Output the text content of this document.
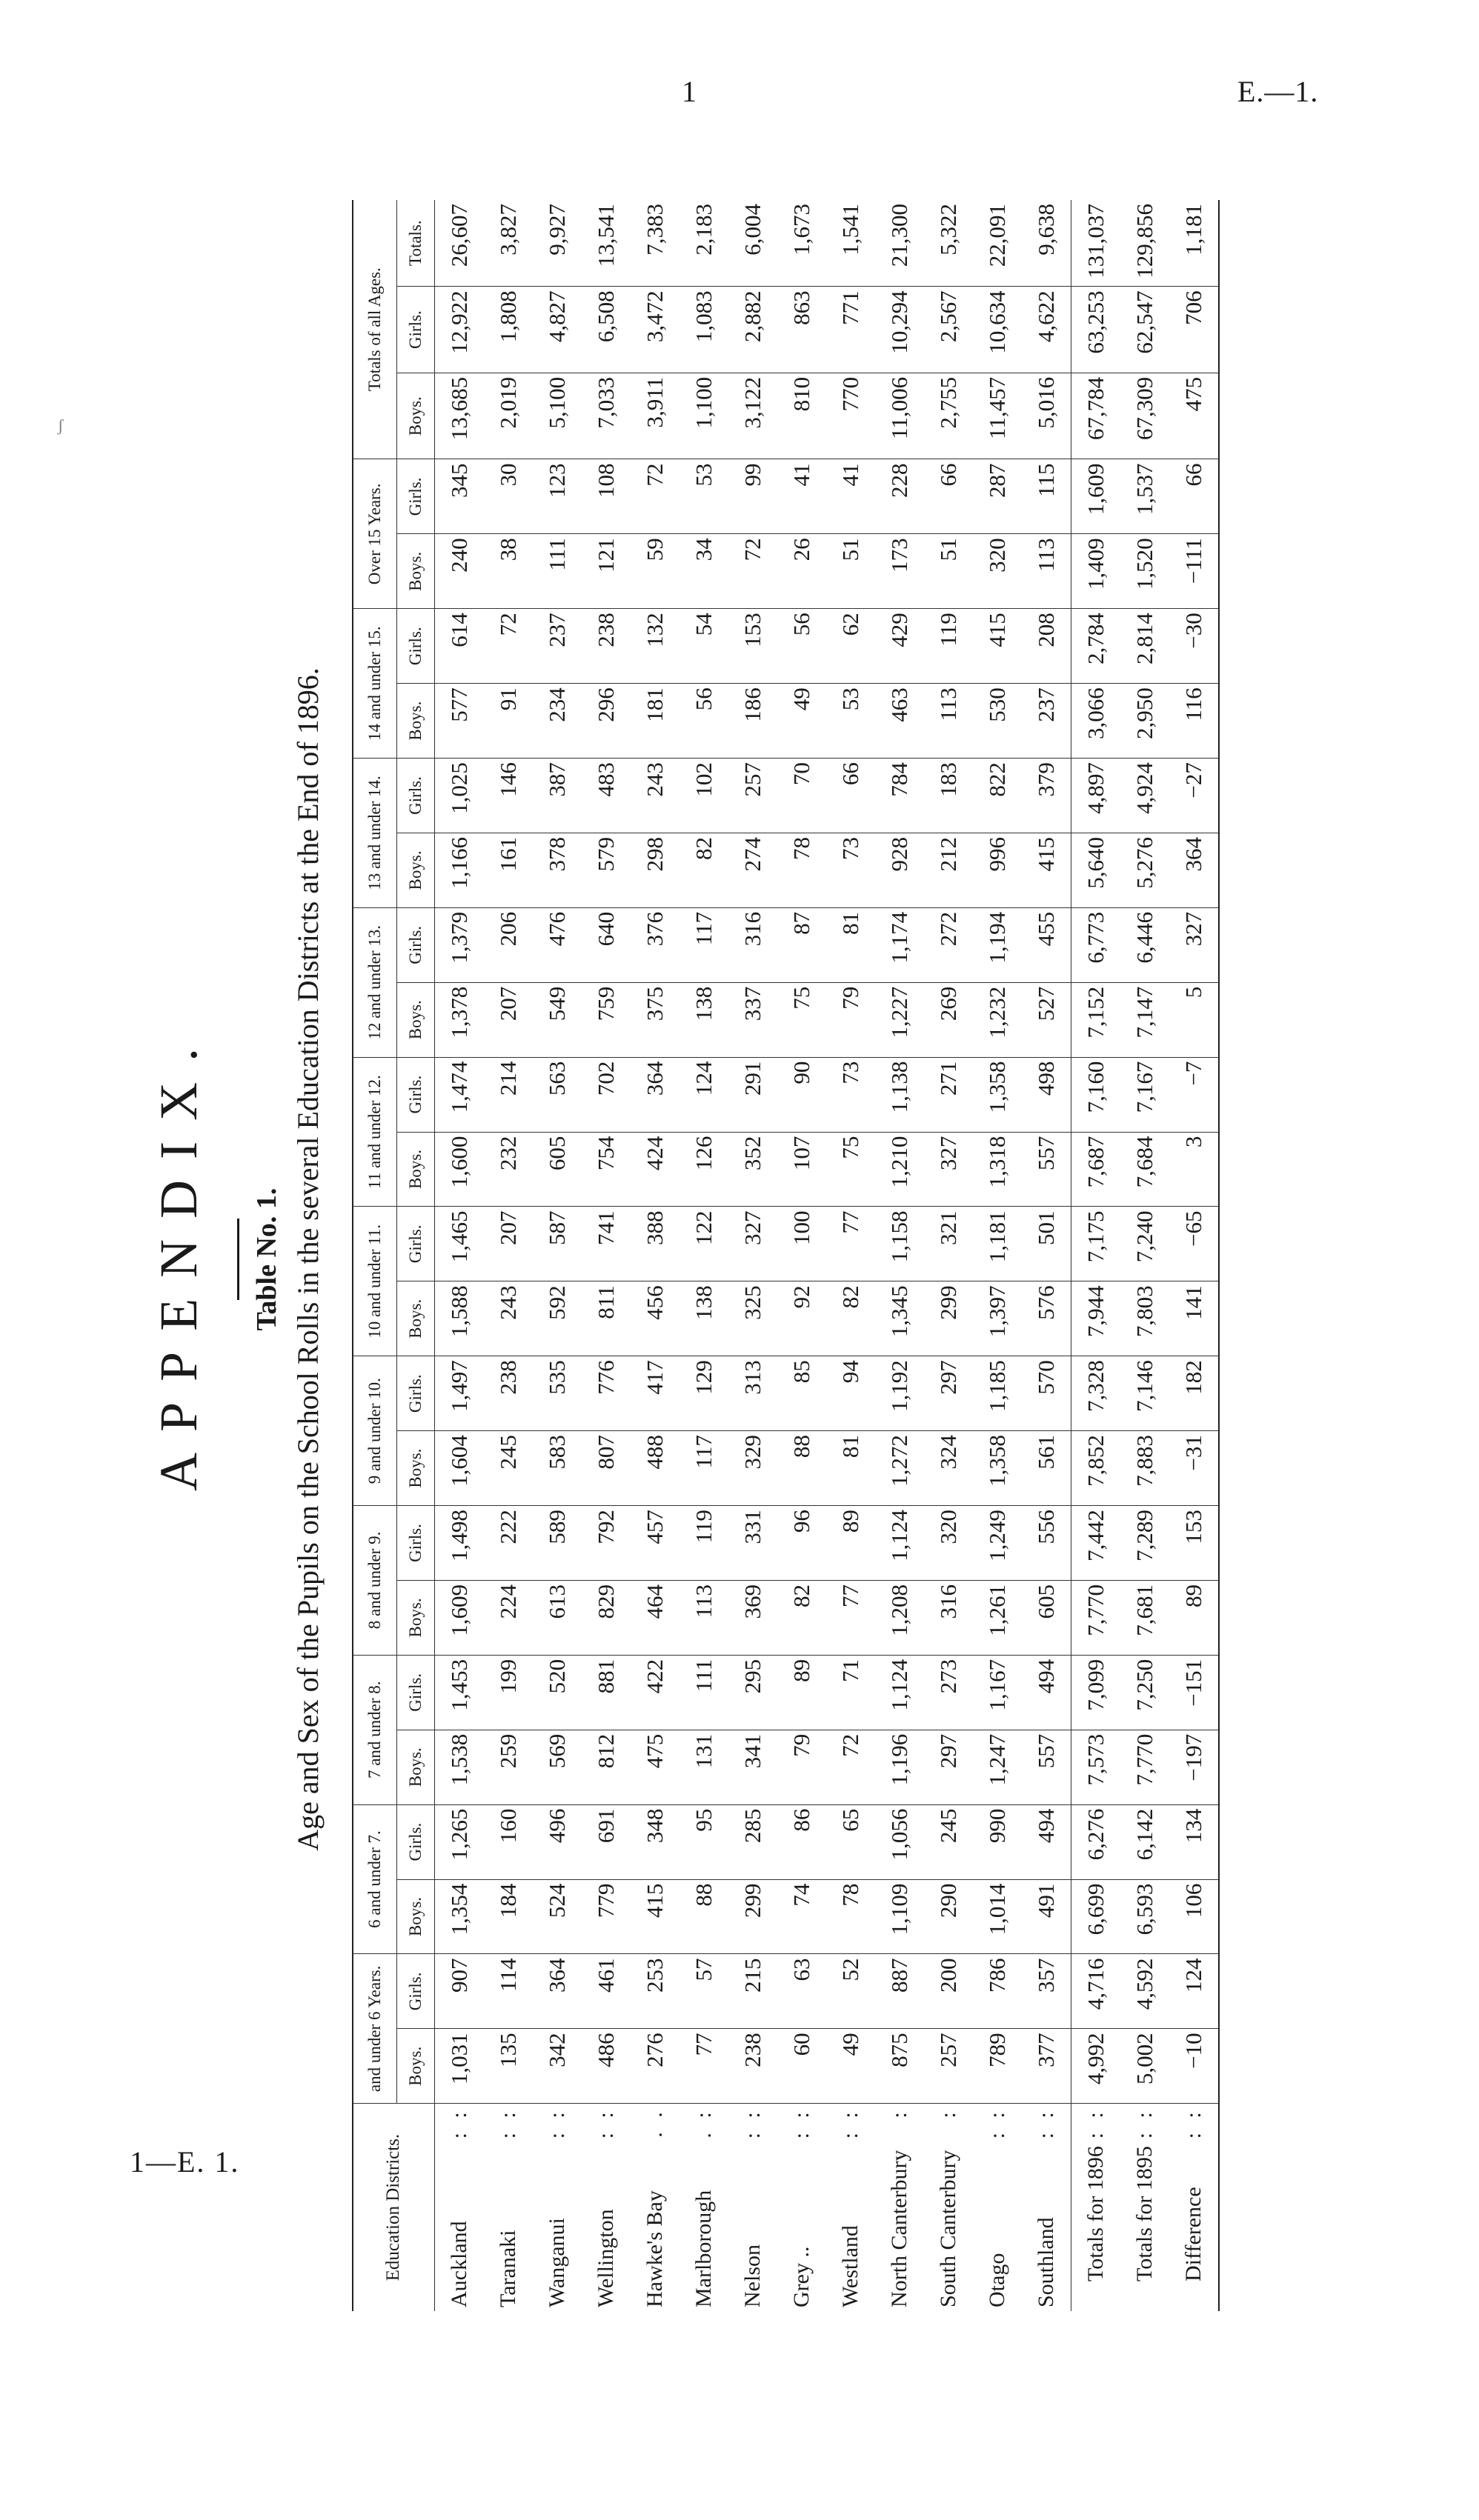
1	E.—1.
ʃ
1—E. 1.
APPENDIX. Table No. 1. Age and Sex of the Pupils on the School Rolls in the several Education Districts at the End of 1896.
Education Districts.	and under 6 Years.		6 and under 7.		7 and under 8.		8 and under 9.		9 and under 10.		10 and under 11.		11 and under 12.		12 and under 13.		13 and under 14.		14 and under 15.		Over 15 Years.		Totals of all Ages.		
	Boys.	Girls.	Boys.	Girls.	Boys.	Girls.	Boys.	Girls.	Boys.	Girls.	Boys.	Girls.	Boys.	Girls.	Boys.	Girls.	Boys.	Girls.	Boys.	Girls.	Boys.	Girls.	Boys.	Girls.	Totals.

Auckland
: :	1,031	907	1,354	1,265	1,538	1,453	1,609	1,498	1,604	1,497	1,588	1,465	1,600	1,474	1,378	1,379	1,166	1,025	577	614	240	345	13,685	12,922	26,607

Taranaki
: :	135	114	184	160	259	199	224	222	245	238	243	207	232	214	207	206	161	146	91	72	38	30	2,019	1,808	3,827

Wanganui
: :	342	364	524	496	569	520	613	589	583	535	592	587	605	563	549	476	378	387	234	237	111	123	5,100	4,827	9,927

Wellington
: :	486	461	779	691	812	881	829	792	807	776	811	741	754	702	759	640	579	483	296	238	121	108	7,033	6,508	13,541

Hawke's Bay
. .	276	253	415	348	475	422	464	457	488	417	456	388	424	364	375	376	298	243	181	132	59	72	3,911	3,472	7,383

Marlborough
. :	77	57	88	95	131	111	113	119	117	129	138	122	126	124	138	117	82	102	56	54	34	53	1,100	1,083	2,183

Nelson
: :	238	215	299	285	341	295	369	331	329	313	325	327	352	291	337	316	274	257	186	153	72	99	3,122	2,882	6,004

Grey ..
: :	60	63	74	86	79	89	82	96	88	85	92	100	107	90	75	87	78	70	49	56	26	41	810	863	1,673

Westland
: :	49	52	78	65	72	71	77	89	81	94	82	77	75	73	79	81	73	66	53	62	51	41	770	771	1,541

North Canterbury
:	875	887	1,109	1,056	1,196	1,124	1,208	1,124	1,272	1,192	1,345	1,158	1,210	1,138	1,227	1,174	928	784	463	429	173	228	11,006	10,294	21,300

South Canterbury
:	257	200	290	245	297	273	316	320	324	297	299	321	327	271	269	272	212	183	113	119	51	66	2,755	2,567	5,322

Otago
: :	789	786	1,014	990	1,247	1,167	1,261	1,249	1,358	1,185	1,397	1,181	1,318	1,358	1,232	1,194	996	822	530	415	320	287	11,457	10,634	22,091

Southland
: :	377	357	491	494	557	494	605	556	561	570	576	501	557	498	527	455	415	379	237	208	113	115	5,016	4,622	9,638

Totals for 1896
: :	4,992	4,716	6,699	6,276	7,573	7,099	7,770	7,442	7,852	7,328	7,944	7,175	7,687	7,160	7,152	6,773	5,640	4,897	3,066	2,784	1,409	1,609	67,784	63,253	131,037

Totals for 1895
: :	5,002	4,592	6,593	6,142	7,770	7,250	7,681	7,289	7,883	7,146	7,803	7,240	7,684	7,167	7,147	6,446	5,276	4,924	2,950	2,814	1,520	1,537	67,309	62,547	129,856

Difference
: :	−10	124	106	134	−197	−151	89	153	−31	182	141	−65	3	−7	5	327	364	−27	116	−30	−111	66	475	706	1,181
